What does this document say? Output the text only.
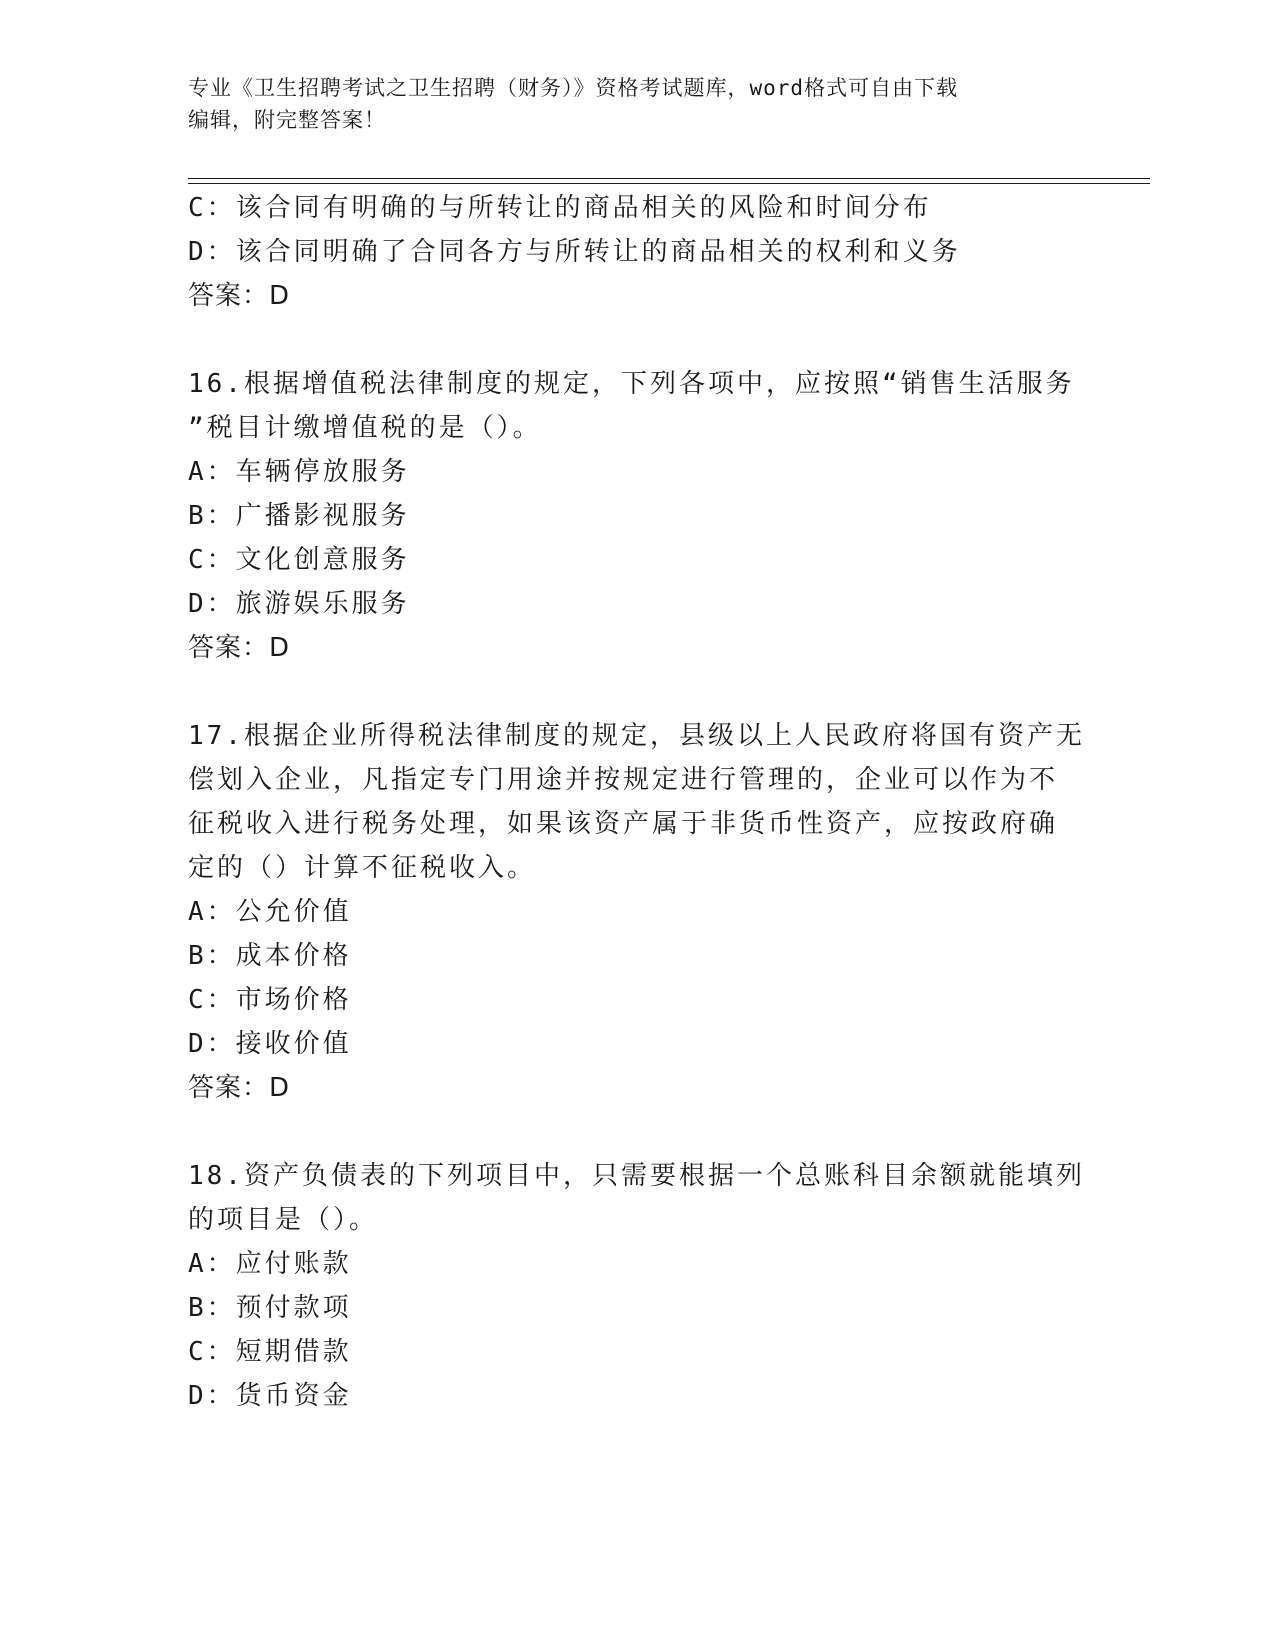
专业《卫生招聘考试之卫生招聘（财务）》资格考试题库，word格式可自由下载
编辑，附完整答案！
C：该合同有明确的与所转让的商品相关的风险和时间分布
D：该合同明确了合同各方与所转让的商品相关的权利和义务
答案：D
16.根据增值税法律制度的规定，下列各项中，应按照“销售生活服务
”税目计缴增值税的是（）。
A：车辆停放服务
B：广播影视服务
C：文化创意服务
D：旅游娱乐服务
答案：D
17.根据企业所得税法律制度的规定，县级以上人民政府将国有资产无
偿划入企业，凡指定专门用途并按规定进行管理的，企业可以作为不
征税收入进行税务处理，如果该资产属于非货币性资产，应按政府确
定的（）计算不征税收入。
A：公允价值
B：成本价格
C：市场价格
D：接收价值
答案：D
18.资产负债表的下列项目中，只需要根据一个总账科目余额就能填列
的项目是（）。
A：应付账款
B：预付款项
C：短期借款
D：货币资金
